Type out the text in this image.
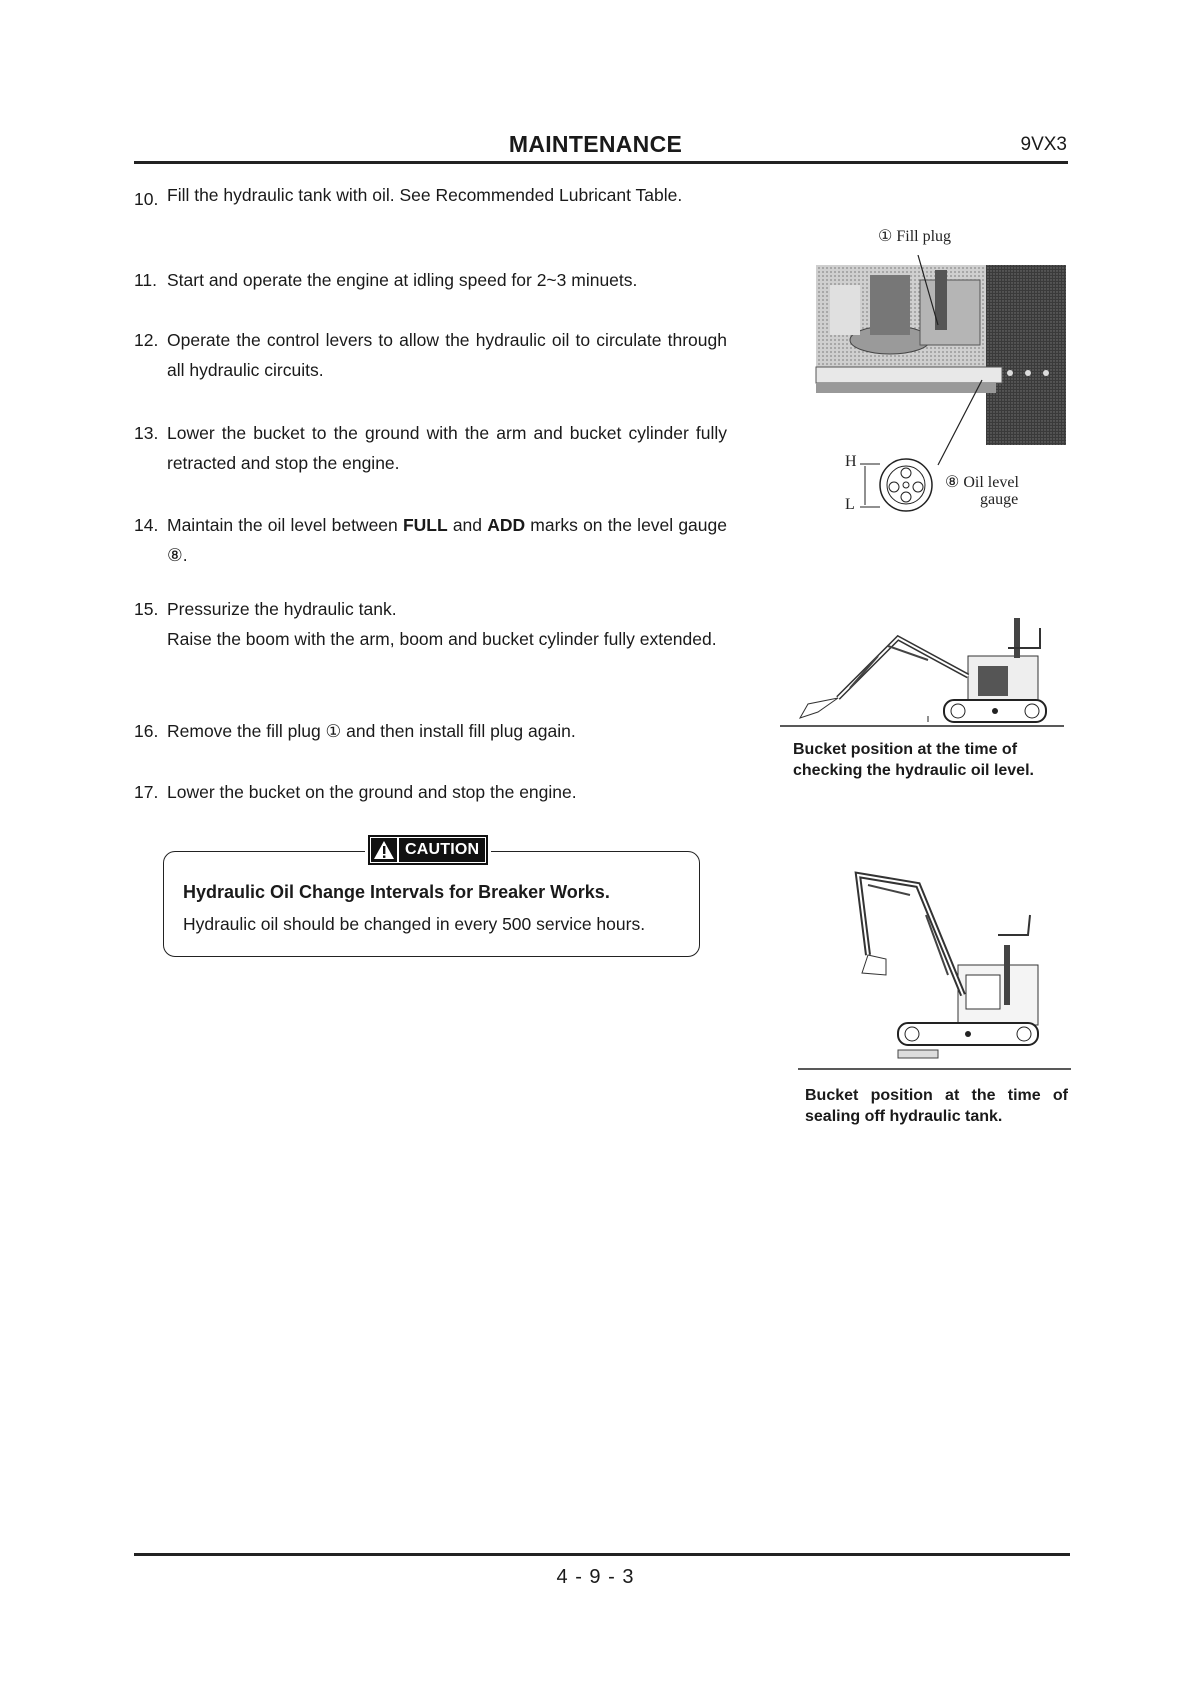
MAINTENANCE	9VX3
10. Fill the hydraulic tank with oil. See Recommended Lubricant Table.

11. Start and operate the engine at idling speed for 2~3 minuets.

12. Operate the control levers to allow the hydraulic oil to circulate through all hydraulic circuits.

13. Lower the bucket to the ground with the arm and bucket cylinder fully retracted and stop the engine.

14. Maintain the oil level between FULL and ADD marks on the level gauge ⑧.

15. Pressurize the hydraulic tank.

Raise the boom with the arm, boom and bucket cylinder fully extended.

16. Remove the fill plug ① and then install fill plug again.

17. Lower the bucket on the ground and stop the engine.

Hydraulic Oil Change Intervals for Breaker Works.
Hydraulic oil should be changed in every 500 service hours.
CAUTION
① Fill plug
H
L
⑧ Oil level
gauge
Bucket position at the time of
checking the hydraulic oil level.
Bucket position at the time of
sealing off hydraulic tank.
4 - 9 - 3
